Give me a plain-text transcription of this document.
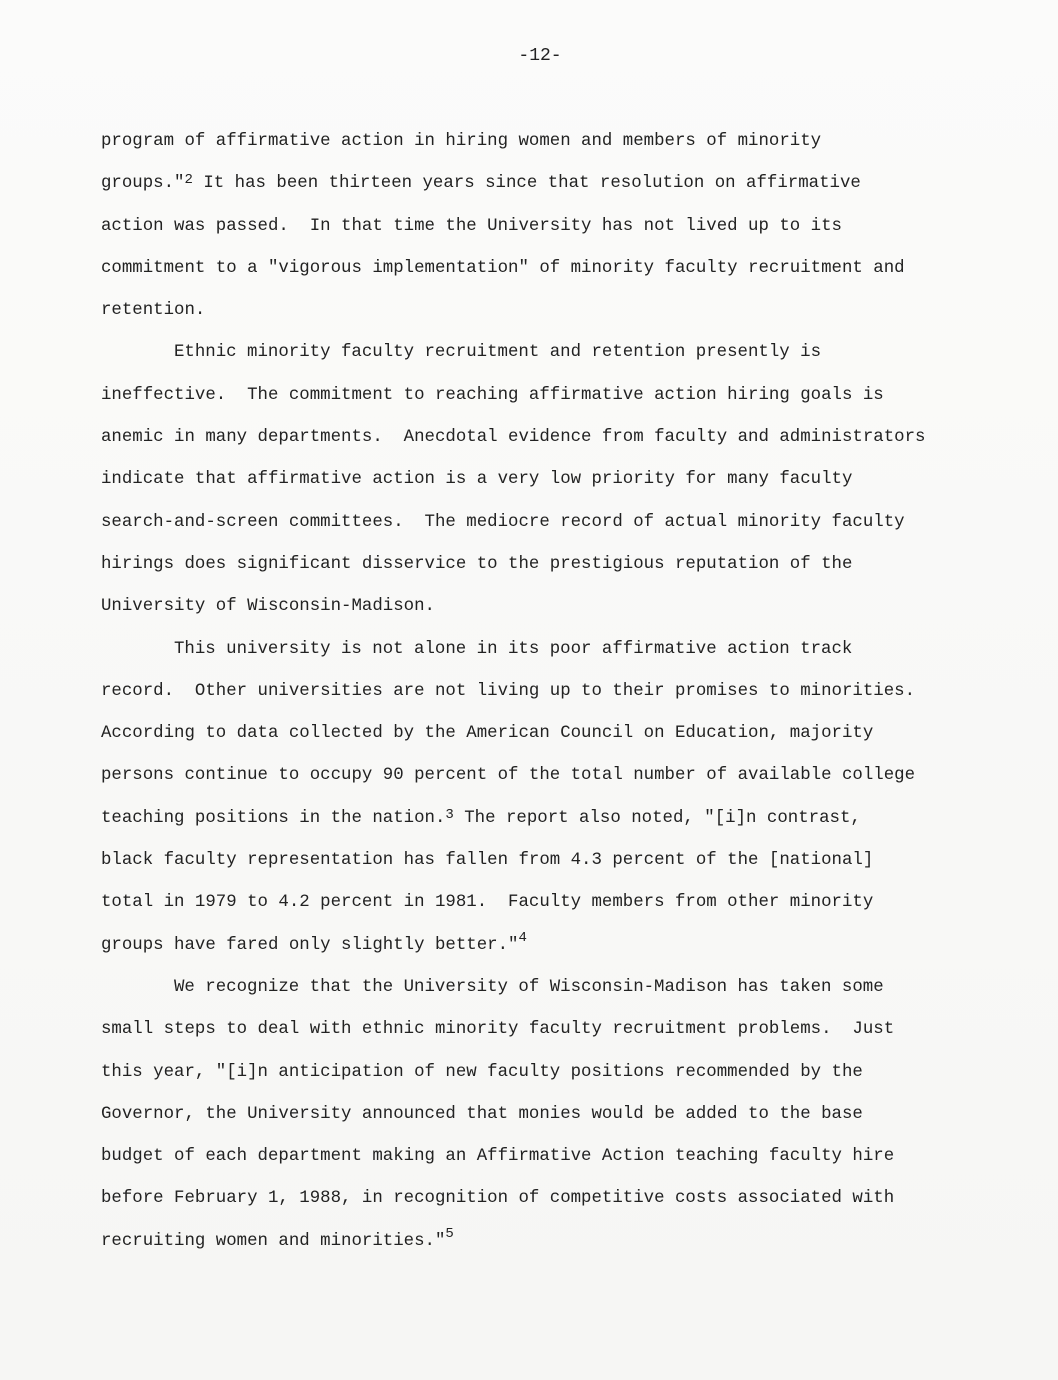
-12-

program of affirmative action in hiring women and members of minority
groups."$^2$ It has been thirteen years since that resolution on affirmative
action was passed.  In that time the University has not lived up to its
commitment to a "vigorous implementation" of minority faculty recruitment and
retention.
Ethnic minority faculty recruitment and retention presently is
ineffective.  The commitment to reaching affirmative action hiring goals is
anemic in many departments.  Anecdotal evidence from faculty and administrators
indicate that affirmative action is a very low priority for many faculty
search-and-screen committees.  The mediocre record of actual minority faculty
hirings does significant disservice to the prestigious reputation of the
University of Wisconsin-Madison.
This university is not alone in its poor affirmative action track
record.  Other universities are not living up to their promises to minorities.
According to data collected by the American Council on Education, majority
persons continue to occupy 90 percent of the total number of available college
teaching positions in the nation.$^3$ The report also noted, "[i]n contrast,
black faculty representation has fallen from 4.3 percent of the [national]
total in 1979 to 4.2 percent in 1981.  Faculty members from other minority
groups have fared only slightly better."$^4$
We recognize that the University of Wisconsin-Madison has taken some
small steps to deal with ethnic minority faculty recruitment problems.  Just
this year, "[i]n anticipation of new faculty positions recommended by the
Governor, the University announced that monies would be added to the base
budget of each department making an Affirmative Action teaching faculty hire
before February 1, 1988, in recognition of competitive costs associated with
recruiting women and minorities."$^5$
